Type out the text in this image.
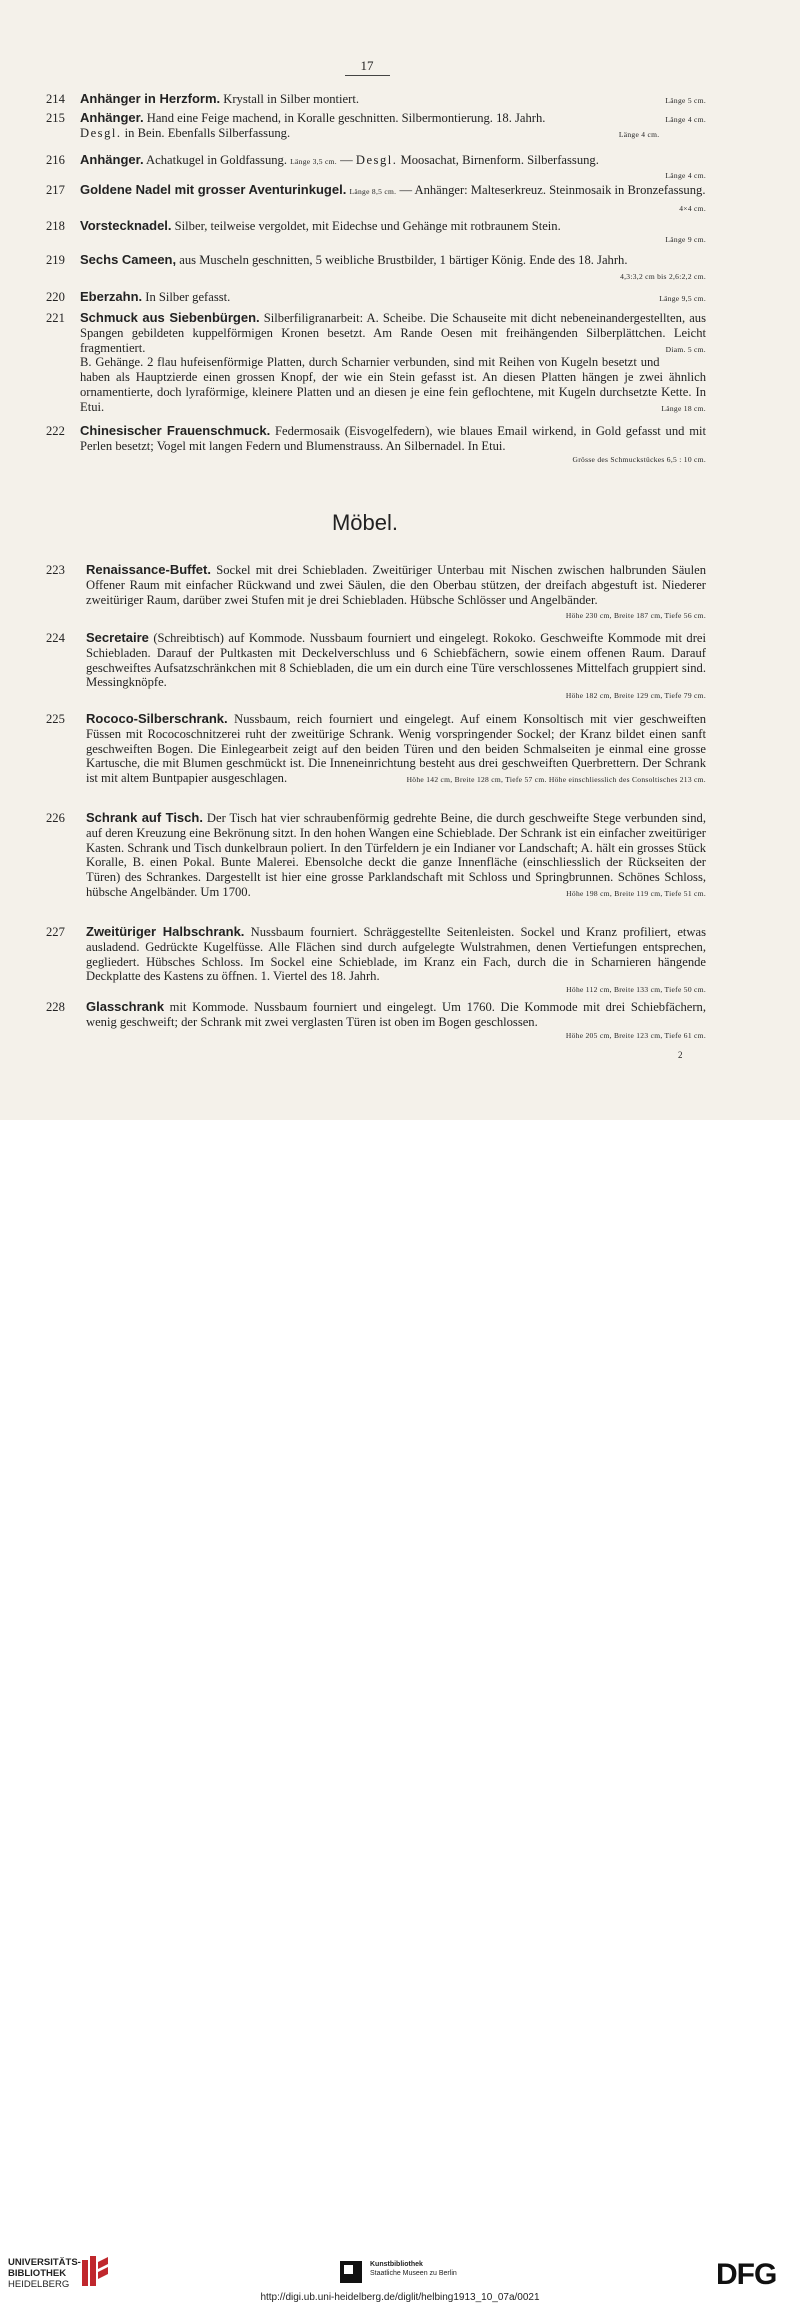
17
214	Länge 5 cm.
Anhänger in Herzform. Krystall in Silber montiert.
215	Länge 4 cm.
Anhänger. Hand eine Feige machend, in Koralle geschnitten. Silbermontierung. 18. Jahrh.
Länge 4 cm.
Desgl. in Bein. Ebenfalls Silberfassung.
216	Anhänger. Achatkugel in Goldfassung. Länge 3,5 cm. — Desgl. Moosachat, Birnenform. Silberfassung.
Länge 4 cm.
217	Goldene Nadel mit grosser Aventurinkugel. Länge 8,5 cm. — Anhänger: Malteserkreuz. Steinmosaik in Bronzefassung.
4×4 cm.
218	Vorstecknadel. Silber, teilweise vergoldet, mit Eidechse und Gehänge mit rotbraunem Stein.
Länge 9 cm.
219	Sechs Cameen, aus Muscheln geschnitten, 5 weibliche Brustbilder, 1 bärtiger König. Ende des 18. Jahrh.
4,3:3,2 cm bis 2,6:2,2 cm.
220	Länge 9,5 cm.
Eberzahn. In Silber gefasst.
221	Schmuck aus Siebenbürgen. Silberfiligranarbeit: A. Scheibe. Die Schauseite mit dicht nebeneinandergestellten, aus Spangen gebildeten kuppelförmigen Kronen besetzt. Am Rande Oesen mit freihängenden Silberplättchen. Leicht fragmentiert.	Diam. 5 cm.
B. Gehänge. 2 flau hufeisenförmige Platten, durch Scharnier verbunden, sind mit Reihen von Kugeln besetzt und haben als Hauptzierde einen grossen Knopf, der wie ein Stein gefasst ist. An diesen Platten hängen je zwei ähnlich ornamentierte, doch lyraförmige, kleinere Platten und an diesen je eine fein geflochtene, mit Kugeln durchsetzte Kette. In Etui.	Länge 18 cm.
222	Chinesischer Frauenschmuck. Federmosaik (Eisvogelfedern), wie blaues Email wirkend, in Gold gefasst und mit Perlen besetzt; Vogel mit langen Federn und Blumenstrauss. An Silbernadel. In Etui.
Grösse des Schmuckstückes 6,5 : 10 cm.
Möbel.
223	Renaissance-Buffet. Sockel mit drei Schiebladen. Zweitüriger Unterbau mit Nischen zwischen halbrunden Säulen Offener Raum mit einfacher Rückwand und zwei Säulen, die den Oberbau stützen, der dreifach abgestuft ist. Niederer zweitüriger Raum, darüber zwei Stufen mit je drei Schiebladen. Hübsche Schlösser und Angelbänder.
Höhe 230 cm, Breite 187 cm, Tiefe 56 cm.
224	Secretaire (Schreibtisch) auf Kommode. Nussbaum fourniert und eingelegt. Rokoko. Geschweifte Kommode mit drei Schiebladen. Darauf der Pultkasten mit Deckelverschluss und 6 Schiebfächern, sowie einem offenen Raum. Darauf geschweiftes Aufsatzschränkchen mit 8 Schiebladen, die um ein durch eine Türe verschlossenes Mittelfach gruppiert sind. Messingknöpfe.
Höhe 182 cm, Breite 129 cm, Tiefe 79 cm.
225	Rococo-Silberschrank. Nussbaum, reich fourniert und eingelegt. Auf einem Konsoltisch mit vier geschweiften Füssen mit Rococoschnitzerei ruht der zweitürige Schrank. Wenig vorspringender Sockel; der Kranz bildet einen sanft geschweiften Bogen. Die Einlegearbeit zeigt auf den beiden Türen und den beiden Schmalseiten je einmal eine grosse Kartusche, die mit Blumen geschmückt ist. Die Inneneinrichtung besteht aus drei geschweiften Querbrettern. Der Schrank ist mit altem Buntpapier ausgeschlagen.	Höhe 142 cm, Breite 128 cm, Tiefe 57 cm. Höhe einschliesslich des Consoltisches 213 cm.
226	Schrank auf Tisch. Der Tisch hat vier schraubenförmig gedrehte Beine, die durch geschweifte Stege verbunden sind, auf deren Kreuzung eine Bekrönung sitzt. In den hohen Wangen eine Schieblade. Der Schrank ist ein einfacher zweitüriger Kasten. Schrank und Tisch dunkelbraun poliert. In den Türfeldern je ein Indianer vor Landschaft; A. hält ein grosses Stück Koralle, B. einen Pokal. Bunte Malerei. Ebensolche deckt die ganze Innenfläche (einschliesslich der Rückseiten der Türen) des Schrankes. Dargestellt ist hier eine grosse Parklandschaft mit Schloss und Springbrunnen. Schönes Schloss, hübsche Angelbänder. Um 1700.	Höhe 198 cm, Breite 119 cm, Tiefe 51 cm.
227	Zweitüriger Halbschrank. Nussbaum fourniert. Schräggestellte Seitenleisten. Sockel und Kranz profiliert, etwas ausladend. Gedrückte Kugelfüsse. Alle Flächen sind durch aufgelegte Wulstrahmen, denen Vertiefungen entsprechen, gegliedert. Hübsches Schloss. Im Sockel eine Schieblade, im Kranz ein Fach, durch die in Scharnieren hängende Deckplatte des Kastens zu öffnen. 1. Viertel des 18. Jahrh.
Höhe 112 cm, Breite 133 cm, Tiefe 50 cm.
228	Glasschrank mit Kommode. Nussbaum fourniert und eingelegt. Um 1760. Die Kommode mit drei Schiebfächern, wenig geschweift; der Schrank mit zwei verglasten Türen ist oben im Bogen geschlossen.
Höhe 205 cm, Breite 123 cm, Tiefe 61 cm.
2
UNIVERSITÄTS-
BIBLIOTHEK
HEIDELBERG
Kunstbibliothek
Staatliche Museen zu Berlin	DFG
http://digi.ub.uni-heidelberg.de/diglit/helbing1913_10_07a/0021
